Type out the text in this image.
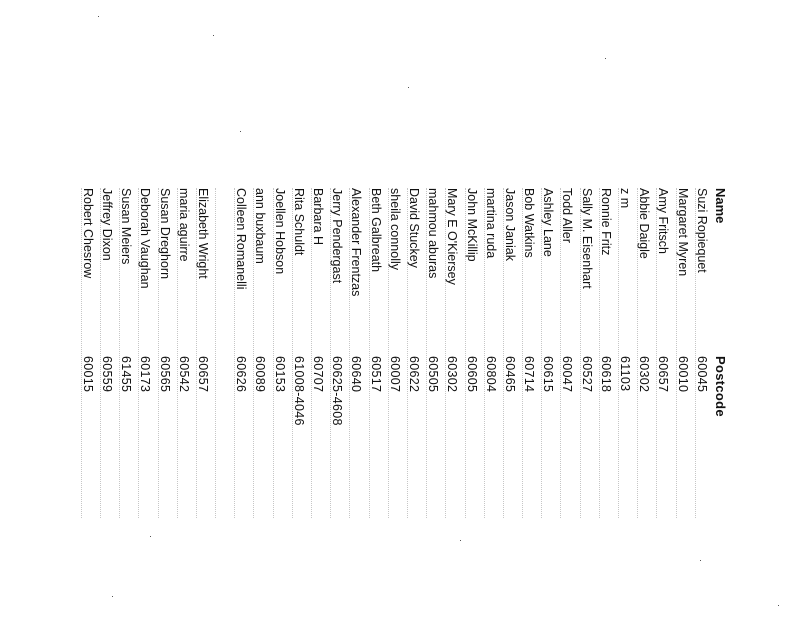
Name
Postcode
Suzi Ropiequet
60045
Margaret Myren
60010
Amy Fritsch
60657
Abbie Daigle
60302
z m
61103
Ronnie Fritz
60618
Sally M. Eisenhart
60527
Todd Aller
60047
Ashley Lane
60615
Bob Watkins
60714
Jason Janiak
60465
martina ruda
60804
John McKillip
60605
Mary E O'Kiersey
60302
mahmou aburas
60505
David Stuckey
60622
sheila connolly
60007
Beth Galbreath
60517
Alexander Frentzas
60640
Jerry Pendergast
60625-4608
Barbara H
60707
Rita Schuldt
61008-4046
Joellen Hobson
60153
ann buxbaum
60089
Colleen Romanelli
60626
Elizabeth Wright
60657
maria aguirre
60542
Susan Dreghorn
60565
Deborah Vaughan
60173
Susan Meiers
61455
Jeffrey Dixon
60559
Robert Chesrow
60015
